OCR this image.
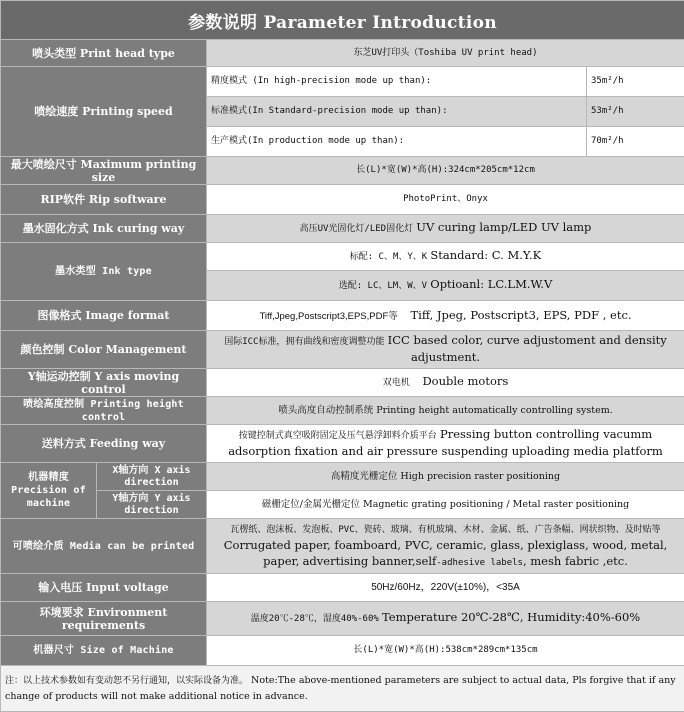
参数说明 Parameter Introduction			
喷头类型 Print head type		东芝UV打印头（Toshiba UV print head)	
喷绘速度 Printing speed		精度模式 (In high-precision mode up than):	35m²/h
		标准模式(In Standard-precision mode up than):	53m²/h
		生产模式(In production mode up than):	70m²/h
最大喷绘尺寸 Maximum printing size		长(L)*宽(W)*高(H):324cm*205cm*12cm	
RIP软件 Rip software		PhotoPrint、Onyx	
墨水固化方式 Ink curing way		高压UV光固化灯/LED固化灯 UV curing lamp/LED UV lamp	
墨水类型 Ink type		标配: C、M、Y、K Standard: C. M.Y.K	
		选配: LC、LM、W、V Optioanl: LC.LM.W.V	
图像格式 Image format		Tiff,Jpeg,Postscript3,EPS,PDF等 Tiff, Jpeg, Postscript3, EPS, PDF , etc.	
颜色控制 Color Management		国际ICC标准，拥有曲线和密度调整功能 ICC based color, curve adjustoment and density adjustment.	
Y轴运动控制 Y axis moving control		双电机 Double motors	
喷绘高度控制 Printing height control		喷头高度自动控制系统 Printing height automatically controlling system.	
送料方式 Feeding way		按键控制式真空吸附固定及压气悬浮卸料介质平台 Pressing button controlling vacumm adsorption fixation and air pressure suspending uploading media platform	
机器精度 Precision of machine	X轴方向 X axis direction	高精度光栅定位 High precision raster positioning	
	Y轴方向 Y axis direction	磁栅定位/金属光栅定位 Magnetic grating positioning / Metal raster positioning	
可喷绘介质 Media can be printed		瓦楞纸、泡沫板、发泡板、PVC、瓷砖、玻璃、有机玻璃、木材、金属、纸、广告条幅、网状织物、及时贴等 Corrugated paper, foamboard, PVC, ceramic, glass, plexiglass, wood, metal, paper, advertising banner,self-adhesive labels, mesh fabric ,etc.	
输入电压 Input voltage		50Hz/60Hz，220V(±10%)，<35A	
环境要求 Environment requirements		温度20℃-28℃，湿度40%-60% Temperature 20℃-28℃, Humidity:40%-60%	
机器尺寸 Size of Machine		长(L)*宽(W)*高(H):538cm*289cm*135cm	
注：以上技术参数如有变动恕不另行通知，以实际设备为准。 Note:The above-mentioned parameters are subject to actual data, Pls forgive that if any change of products will not make additional notice in advance.			
